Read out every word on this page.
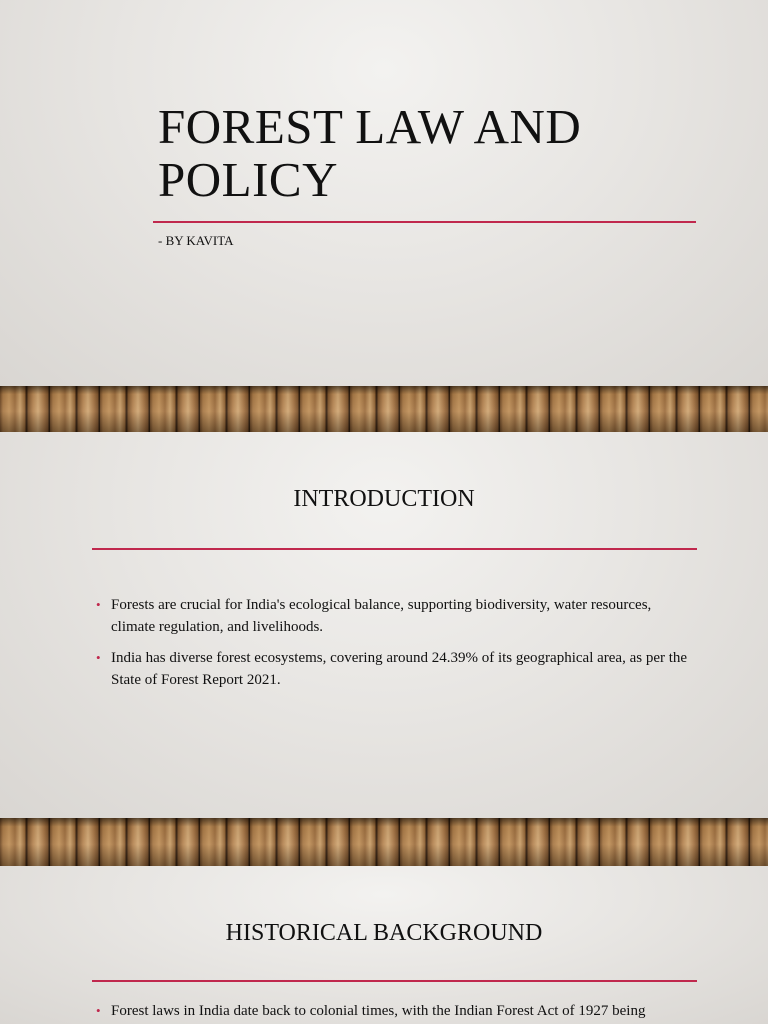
FOREST LAW AND POLICY
- BY KAVITA
INTRODUCTION
• Forests are crucial for India's ecological balance, supporting biodiversity, water resources, climate regulation, and livelihoods.
• India has diverse forest ecosystems, covering around 24.39% of its geographical area, as per the State of Forest Report 2021.
HISTORICAL BACKGROUND
• Forest laws in India date back to colonial times, with the Indian Forest Act of 1927 being
